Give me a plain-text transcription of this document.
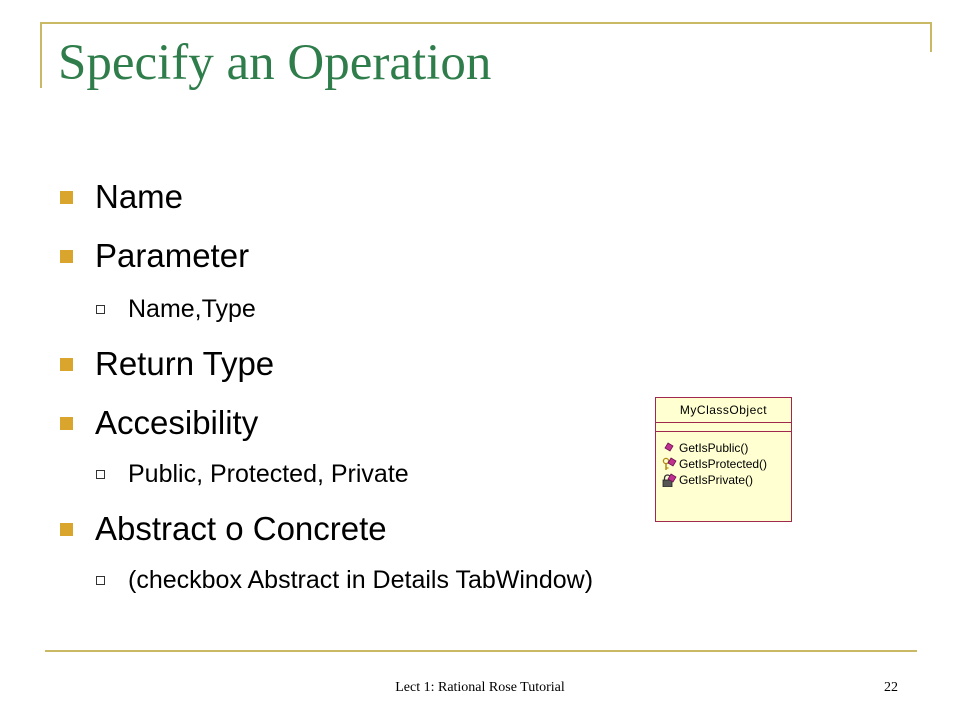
Specify an Operation
Name
Parameter
Name,Type
Return Type
Accesibility
Public, Protected, Private
Abstract o Concrete
(checkbox Abstract in Details TabWindow)
MyClassObject
GetIsPublic()
GetIsProtected()
GetIsPrivate()
Lect 1: Rational Rose Tutorial	22
